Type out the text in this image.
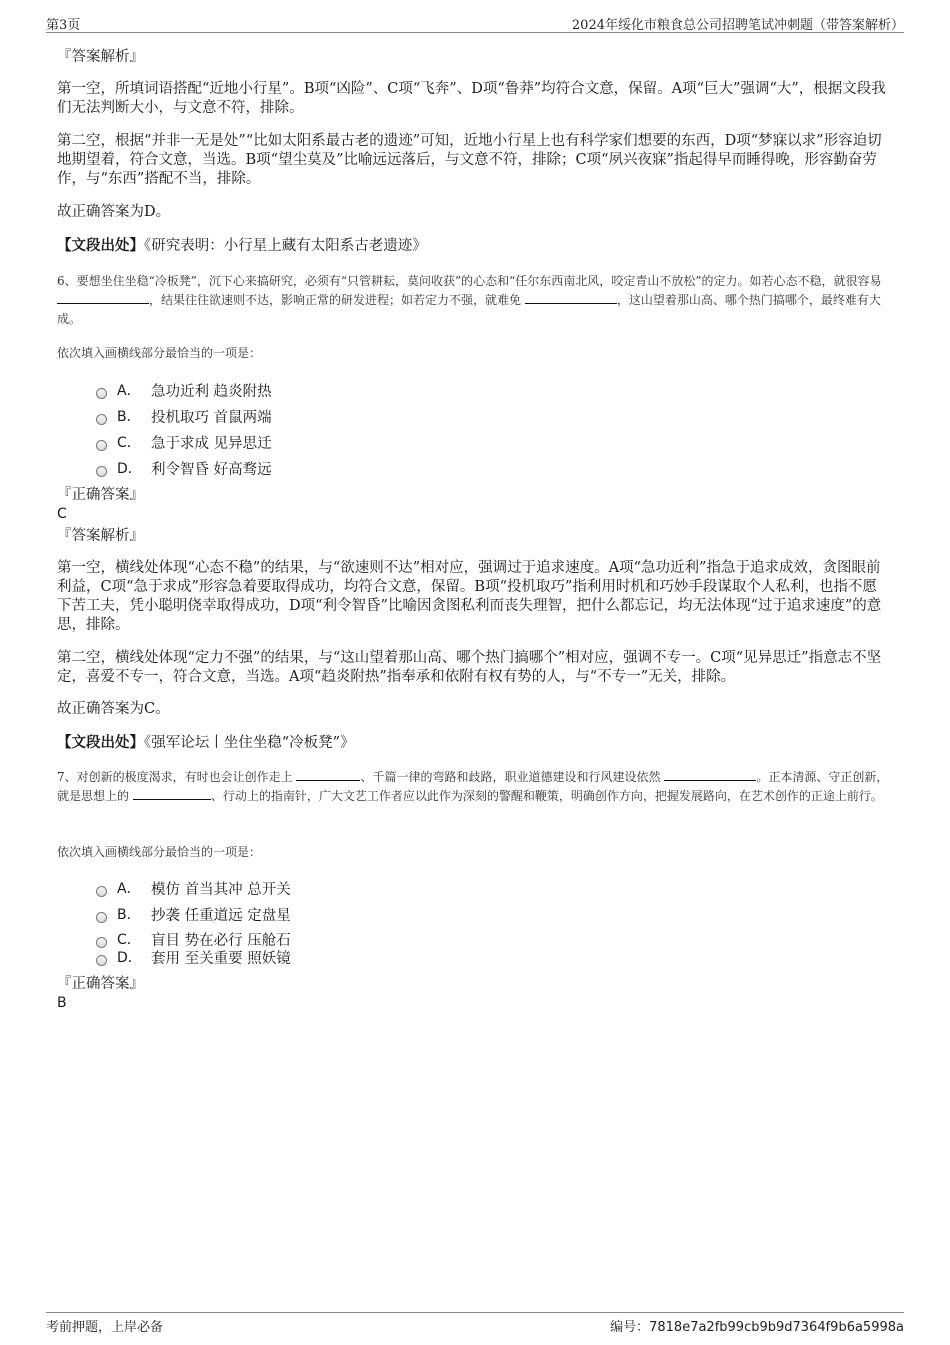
第3页	2024年绥化市粮食总公司招聘笔试冲刺题（带答案解析）
『答案解析』
第一空，所填词语搭配“近地小行星”。B项“凶险”、C项“飞奔”、D项“鲁莽”均符合文意，保留。A项“巨大”强调“大”，根据文段我们无法判断大小，与文意不符，排除。
第二空，根据“并非一无是处”“比如太阳系最古老的遗迹”可知，近地小行星上也有科学家们想要的东西，D项“梦寐以求”形容迫切地期望着，符合文意，当选。B项“望尘莫及”比喻远远落后，与文意不符，排除；C项“夙兴夜寐”指起得早而睡得晚，形容勤奋劳作，与“东西”搭配不当，排除。
故正确答案为D。
【文段出处】《研究表明：小行星上藏有太阳系古老遗迹》
6、要想坐住坐稳“冷板凳”，沉下心来搞研究，必须有“只管耕耘，莫问收获”的心态和“任尔东西南北风，咬定青山不放松”的定力。如若心态不稳，就很容易 ，结果往往欲速则不达，影响正常的研发进程；如若定力不强，就难免	，这山望着那山高、哪个热门搞哪个，最终难有大成。
依次填入画横线部分最恰当的一项是：
A． 急功近利 趋炎附热
B． 投机取巧 首鼠两端
C． 急于求成 见异思迁
D． 利令智昏 好高骛远
『正确答案』
C
『答案解析』
第一空，横线处体现“心态不稳”的结果，与“欲速则不达”相对应，强调过于追求速度。A项“急功近利”指急于追求成效，贪图眼前利益，C项“急于求成”形容急着要取得成功，均符合文意，保留。B项“投机取巧”指利用时机和巧妙手段谋取个人私利，也指不愿下苦工夫，凭小聪明侥幸取得成功，D项“利令智昏”比喻因贪图私利而丧失理智，把什么都忘记，均无法体现“过于追求速度”的意思，排除。
第二空，横线处体现“定力不强”的结果，与“这山望着那山高、哪个热门搞哪个”相对应，强调不专一。C项“见异思迁”指意志不坚定，喜爱不专一，符合文意，当选。A项“趋炎附热”指奉承和依附有权有势的人，与“不专一”无关，排除。
故正确答案为C。
【文段出处】《强军论坛丨坐住坐稳“冷板凳”》
7、对创新的极度渴求，有时也会让创作走上	、千篇一律的弯路和歧路，职业道德建设和行风建设依然	。正本清源、守正创新，就是思想上的	、行动上的指南针，广大文艺工作者应以此作为深刻的警醒和鞭策，明确创作方向，把握发展路向，在艺术创作的正途上前行。
依次填入画横线部分最恰当的一项是：
A． 模仿 首当其冲 总开关
B． 抄袭 任重道远 定盘星
C． 盲目 势在必行 压舱石
D． 套用 至关重要 照妖镜
『正确答案』
B
考前押题，上岸必备	编号：7818e7a2fb99cb9b9d7364f9b6a5998a
